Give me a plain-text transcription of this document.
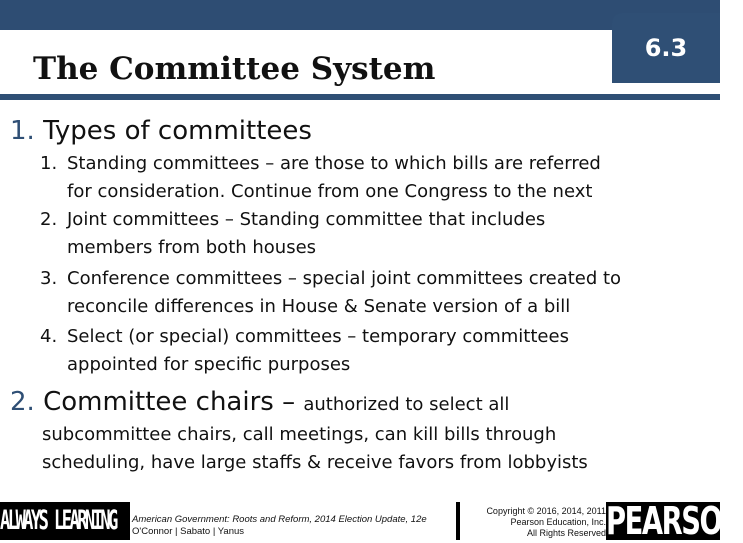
6.3
The Committee System
1. Types of committees
1. Standing committees – are those to which bills are referred
for consideration. Continue from one Congress to the next
2. Joint committees – Standing committee that includes
members from both houses
3. Conference committees – special joint committees created to
reconcile differences in House & Senate version of a bill
4. Select (or special) committees – temporary committees
appointed for specific purposes
2. Committee chairs – authorized to select all
subcommittee chairs, call meetings, can kill bills through
scheduling, have large staffs & receive favors from lobbyists
ALWAYS LEARNING American Government: Roots and Reform, 2014 Election Update, 12e
O'Connor | Sabato | Yanus
Copyright © 2016, 2014, 2011
Pearson Education, Inc.
All Rights Reserved PEARSON
